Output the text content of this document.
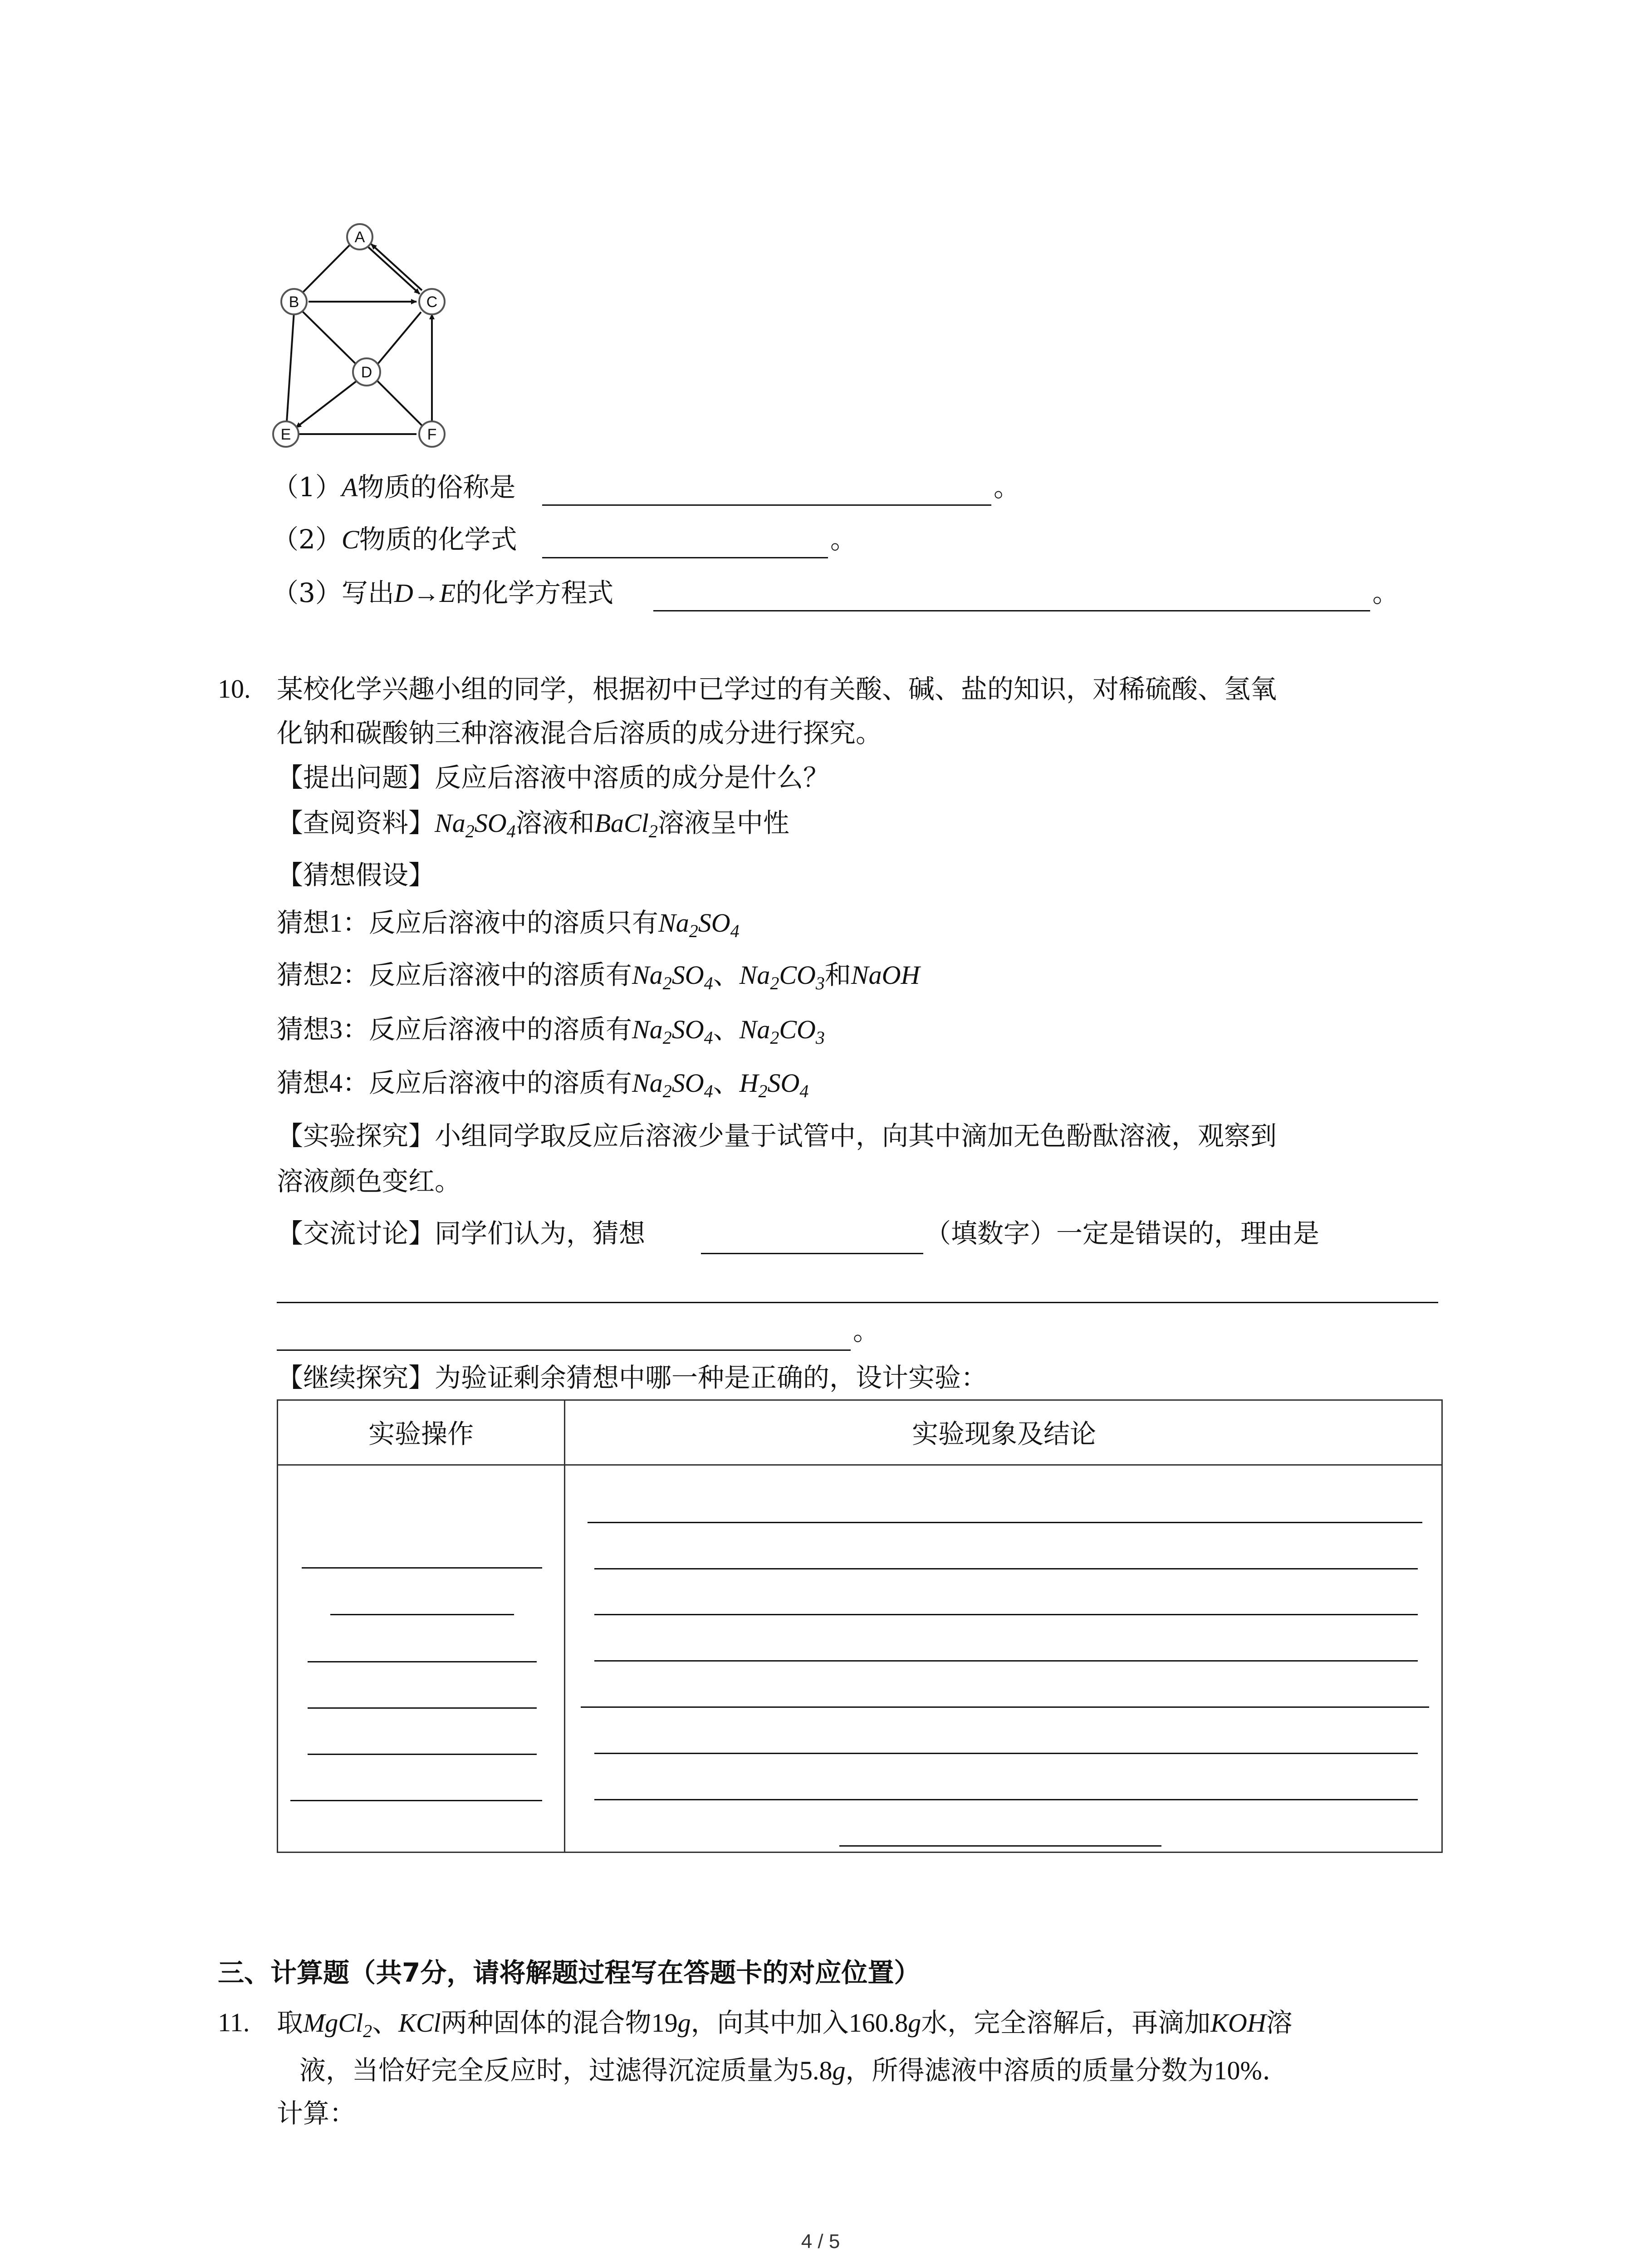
A
B	C
D
E	F
（1）A物质的俗称是	。
（2）C物质的化学式	。
（3）写出D→E的化学方程式	。
10. 某校化学兴趣小组的同学，根据初中已学过的有关酸、碱、盐的知识，对稀硫酸、氢氧
化钠和碳酸钠三种溶液混合后溶质的成分进行探究。
【提出问题】反应后溶液中溶质的成分是什么？
【查阅资料】$Na_2SO_4$溶液和BaCl$_2$溶液呈中性
【猜想假设】
猜想1：反应后溶液中的溶质只有$Na_2SO_4$
猜想2：反应后溶液中的溶质有$Na_2SO_4$、$Na_2CO_3$和NaOH
猜想3：反应后溶液中的溶质有$Na_2SO_4$、$Na_2CO_3$
猜想4：反应后溶液中的溶质有$Na_2SO_4$、$H_2SO_4$
【实验探究】小组同学取反应后溶液少量于试管中，向其中滴加无色酚酞溶液，观察到
溶液颜色变红。
【交流讨论】同学们认为，猜想	（填数字）一定是错误的，理由是
。
【继续探究】为验证剩余猜想中哪一种是正确的，设计实验：
实验操作	实验现象及结论
三、计算题（共7分，请将解题过程写在答题卡的对应位置）
11. 取MgCl$_2$、KCl两种固体的混合物19g，向其中加入160.8g水，完全溶解后，再滴加KOH溶
液，当恰好完全反应时，过滤得沉淀质量为5.8g，所得滤液中溶质的质量分数为10%.
计算：
4 / 5
